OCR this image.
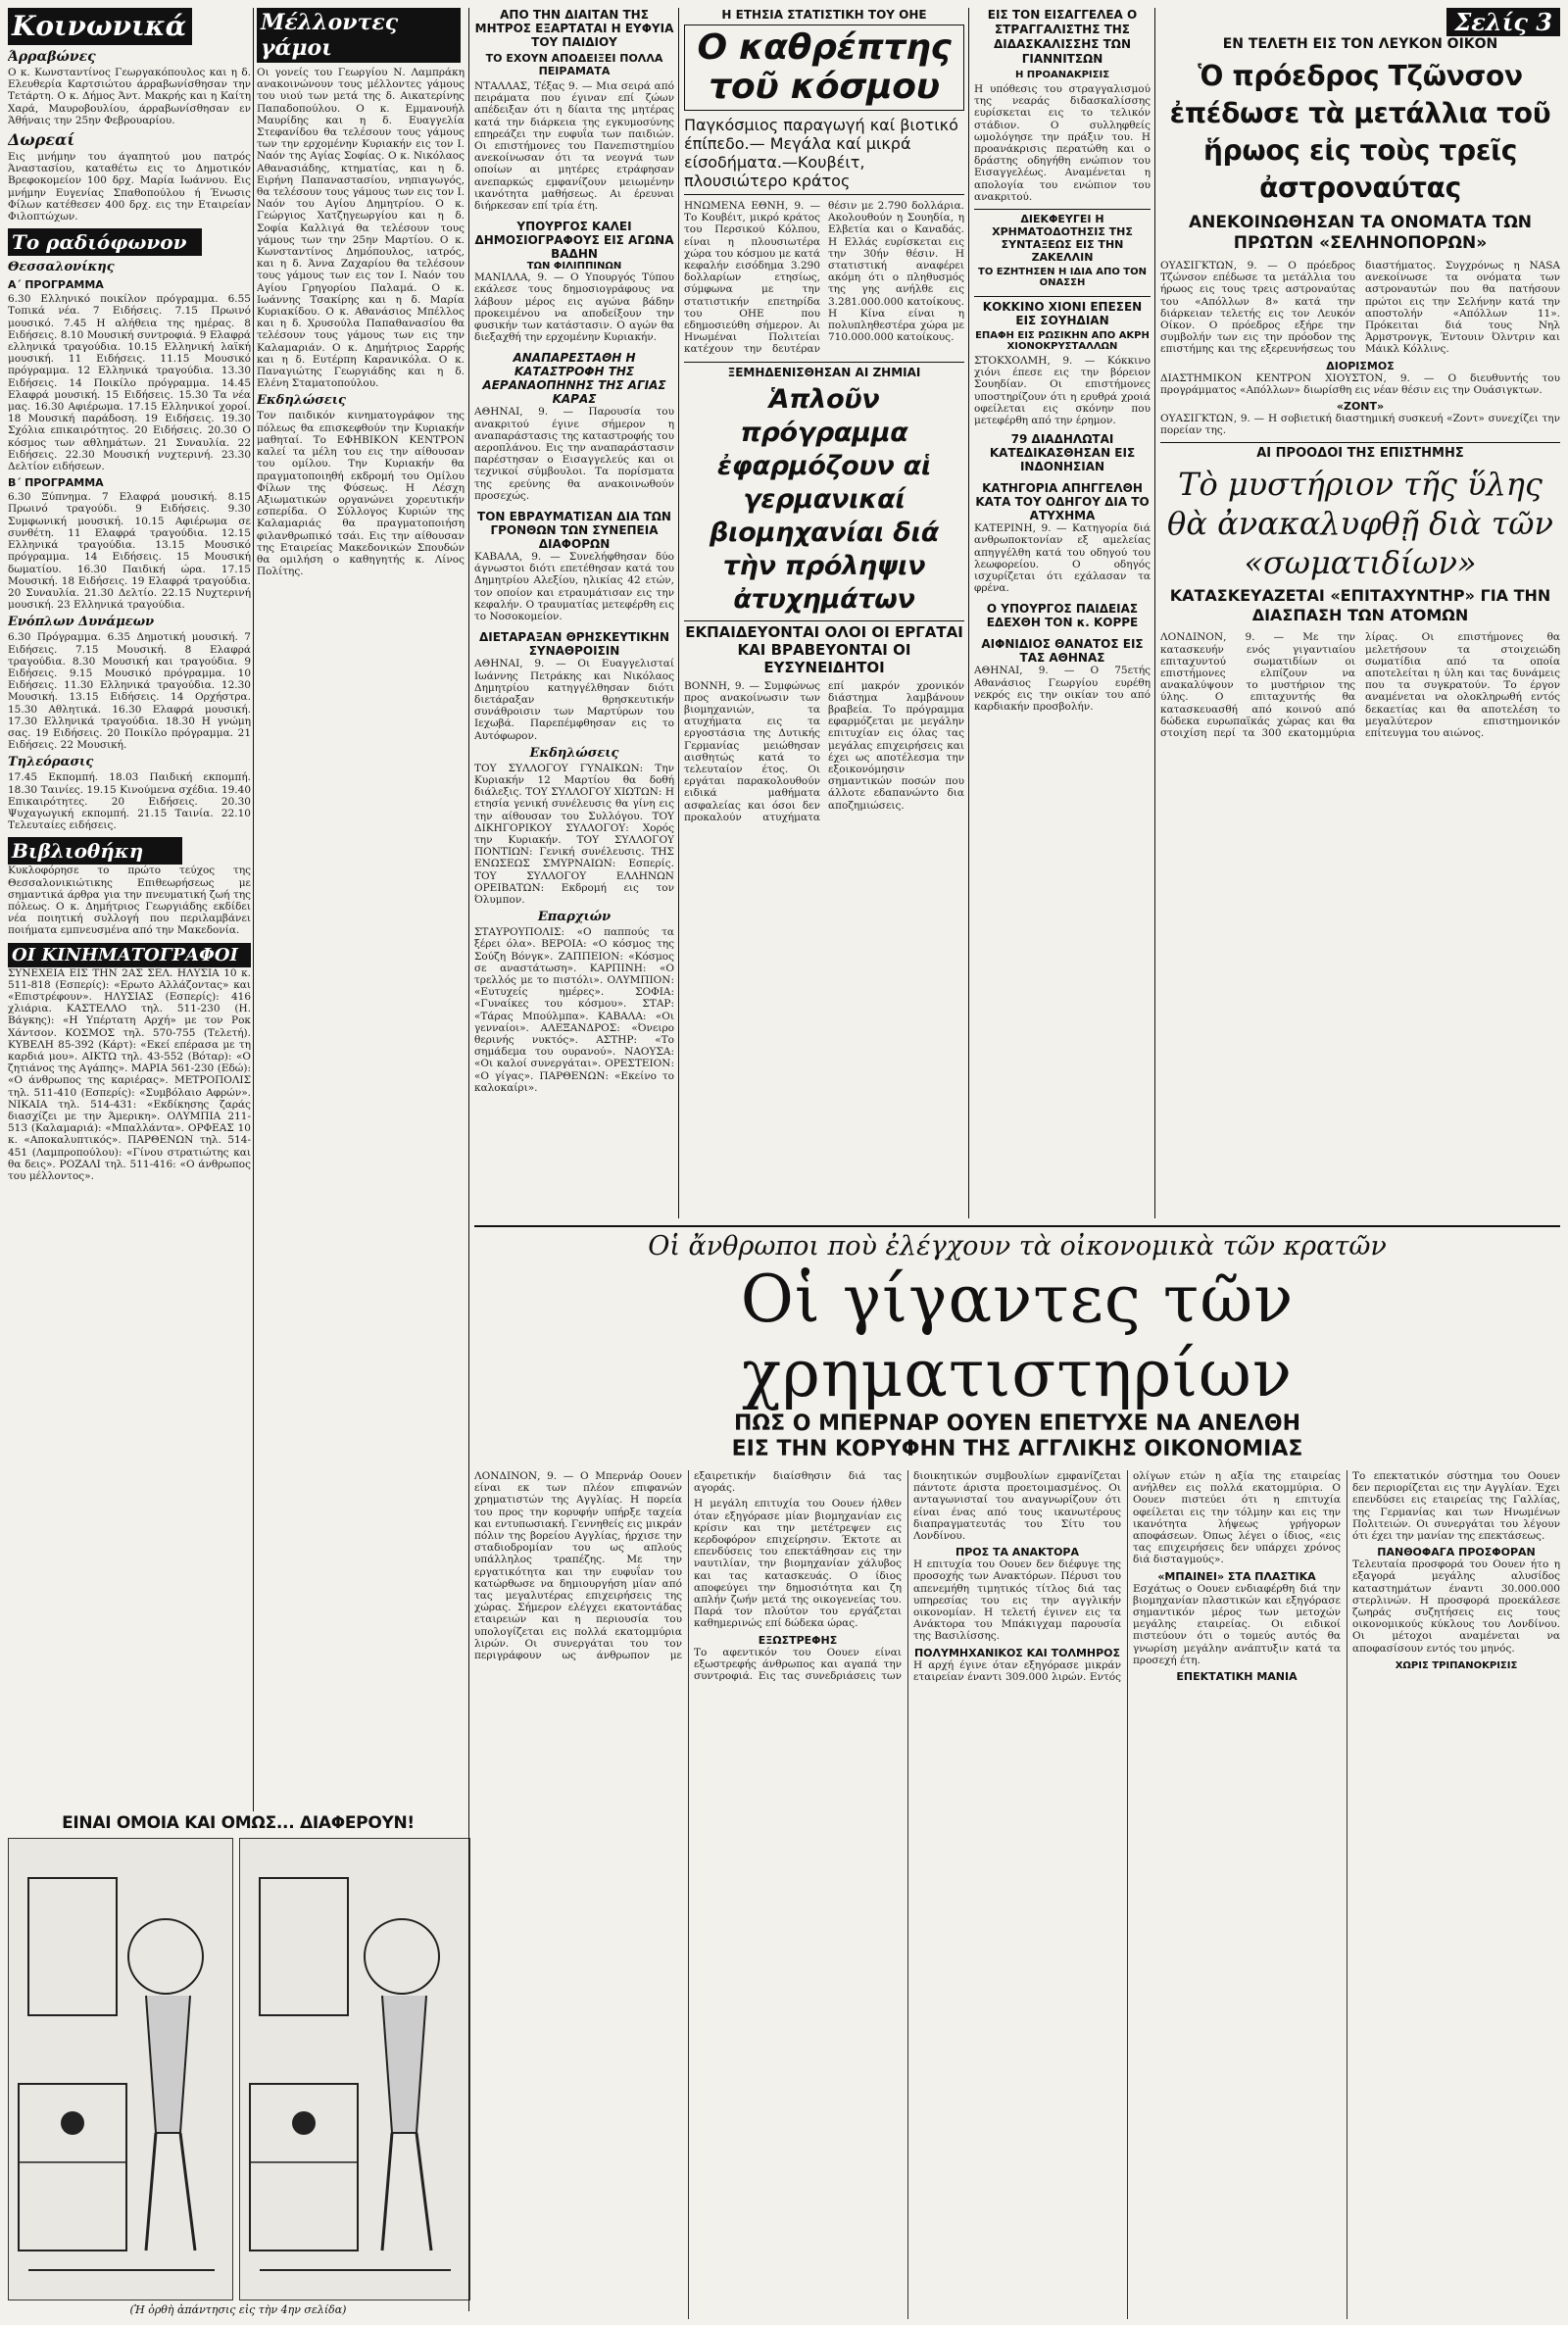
Κοινωνικά
Άρραβώνες
Ο κ. Κωνσταντίνος Γεωργακόπουλος και η δ. Ελευθερία Καρτσιώτου άρραβωνίσθησαν την Τετάρτη. Ο κ. Δήμος Άντ. Μακρής και η Καίτη Χαρά, Μαυροβουλίου, άρραβωνίσθησαν εν Άθήναις την 25ην Φεβρουαρίου.
Δωρεαί
Εις μνήμην του άγαπητού μου πατρός Άναστασίου, καταθέτω εις το Δημοτικόν Βρεφοκομείον 100 δρχ. Μαρία Ιωάννου. Εις μνήμην Ευγενίας Σπαθοπούλου ή Ένωσις Φίλων κατέθεσεν 400 δρχ. εις την Εταιρείαν Φιλοπτώχων.
Το ραδιόφωνον
Θεσσαλονίκης
Α΄ ΠΡΟΓΡΑΜΜΑ
6.30 Ελληνικό ποικίλον πρόγραμμα. 6.55 Τοπικά νέα. 7 Ειδήσεις. 7.15 Πρωινό μουσικό. 7.45 Η αλήθεια της ημέρας. 8 Ειδήσεις. 8.10 Μουσική συντροφιά. 9 Ελαφρά ελληνικά τραγούδια. 10.15 Ελληνική λαϊκή μουσική. 11 Ειδήσεις. 11.15 Μουσικό πρόγραμμα. 12 Ελληνικά τραγούδια. 13.30 Ειδήσεις. 14 Ποικίλο πρόγραμμα. 14.45 Ελαφρά μουσική. 15 Ειδήσεις. 15.30 Τα νέα μας. 16.30 Αφιέρωμα. 17.15 Ελληνικοί χοροί. 18 Μουσική παράδοση. 19 Ειδήσεις. 19.30 Σχόλια επικαιρότητος. 20 Ειδήσεις. 20.30 Ο κόσμος των αθλημάτων. 21 Συναυλία. 22 Ειδήσεις. 22.30 Μουσική νυχτερινή. 23.30 Δελτίον ειδήσεων.
Β΄ ΠΡΟΓΡΑΜΜΑ
6.30 Ξύπνημα. 7 Ελαφρά μουσική. 8.15 Πρωινό τραγούδι. 9 Ειδήσεις. 9.30 Συμφωνική μουσική. 10.15 Αφιέρωμα σε συνθέτη. 11 Ελαφρά τραγούδια. 12.15 Ελληνικά τραγούδια. 13.15 Μουσικό πρόγραμμα. 14 Ειδήσεις. 15 Μουσική δωματίου. 16.30 Παιδική ώρα. 17.15 Μουσική. 18 Ειδήσεις. 19 Ελαφρά τραγούδια. 20 Συναυλία. 21.30 Δελτίο. 22.15 Νυχτερινή μουσική. 23 Ελληνικά τραγούδια.
Ενόπλων Δυνάμεων
6.30 Πρόγραμμα. 6.35 Δημοτική μουσική. 7 Ειδήσεις. 7.15 Μουσική. 8 Ελαφρά τραγούδια. 8.30 Μουσική και τραγούδια. 9 Ειδήσεις. 9.15 Μουσικό πρόγραμμα. 10 Ειδήσεις. 11.30 Ελληνικά τραγούδια. 12.30 Μουσική. 13.15 Ειδήσεις. 14 Ορχήστρα. 15.30 Αθλητικά. 16.30 Ελαφρά μουσική. 17.30 Ελληνικά τραγούδια. 18.30 Η γνώμη σας. 19 Ειδήσεις. 20 Ποικίλο πρόγραμμα. 21 Ειδήσεις. 22 Μουσική.
Τηλεόρασις
17.45 Εκπομπή. 18.03 Παιδική εκπομπή. 18.30 Ταινίες. 19.15 Κινούμενα σχέδια. 19.40 Επικαιρότητες. 20 Ειδήσεις. 20.30 Ψυχαγωγική εκπομπή. 21.15 Ταινία. 22.10 Τελευταίες ειδήσεις.
Βιβλιοθήκη
Κυκλοφόρησε το πρώτο τεύχος της Θεσσαλονικιώτικης Επιθεωρήσεως με σημαντικά άρθρα για την πνευματική ζωή της πόλεως. Ο κ. Δημήτριος Γεωργιάδης εκδίδει νέα ποιητική συλλογή που περιλαμβάνει ποιήματα εμπνευσμένα από την Μακεδονία.
ΟΙ ΚΙΝΗΜΑΤΟΓΡΑΦΟΙ
ΣΥΝΕΧΕΙΑ ΕΙΣ ΤΗΝ 2ΑΣ ΣΕΛ. ΗΛΥΣΙΑ 10 κ. 511-818 (Εσπερίς): «Ερωτο Αλλάζοντας» και «Επιστρέφουν». ΗΛΥΣΙΑΣ (Εσπερίς): 416 χλιάρια. ΚΑΣΤΕΛΛΟ τηλ. 511-230 (Η. Βάγκης): «Η Υπέρτατη Αρχή» με τον Ροκ Χάντσον. ΚΟΣΜΟΣ τηλ. 570-755 (Τελετή). ΚΥΒΕΛΗ 85-392 (Κάρτ): «Εκεί επέρασα με τη καρδιά μου». ΑΙΚΤΩ τηλ. 43-552 (Βόταρ): «Ο ζητιάνος της Αγάπης». ΜΑΡΙΑ 561-230 (Εδώ): «Ο άνθρωπος της καριέρας». ΜΕΤΡΟΠΟΛΙΣ τηλ. 511-410 (Εσπερίς): «Συμβόλαιο Αφρών». ΝΙΚΑΙΑ τηλ. 514-431: «Εκδίκησης ζαράς διασχίζει με την Άμερικη». ΟΛΥΜΠΙΑ 211-513 (Καλαμαριά): «Μπαλλάντα». ΟΡΦΕΑΣ 10 κ. «Αποκαλυπτικός». ΠΑΡΘΕΝΩΝ τηλ. 514-451 (Λαμπροπούλου): «Γίνου στρατιώτης και θα δεις». ΡΟΖΑΛΙ τηλ. 511-416: «Ο άνθρωπος του μέλλοντος».
ΕΙΝΑΙ ΟΜΟΙΑ ΚΑΙ ΟΜΩΣ... ΔΙΑΦΕΡΟΥΝ!
(Ἡ ὀρθὴ ἀπάντησις εἰς τὴν 4ην σελίδα)
Μέλλοντες γάμοι
Οι γονείς του Γεωργίου Ν. Λαμπράκη ανακοινώνουν τους μέλλοντες γάμους του υιού των μετά της δ. Αικατερίνης Παπαδοπούλου. Ο κ. Εμμανουήλ Μαυρίδης και η δ. Ευαγγελία Στεφανίδου θα τελέσουν τους γάμους των την ερχομένην Κυριακήν εις τον Ι. Ναόν της Αγίας Σοφίας. Ο κ. Νικόλαος Αθανασιάδης, κτηματίας, και η δ. Ειρήνη Παπαναστασίου, νηπιαγωγός, θα τελέσουν τους γάμους των εις τον Ι. Ναόν του Αγίου Δημητρίου. Ο κ. Γεώργιος Χατζηγεωργίου και η δ. Σοφία Καλλιγά θα τελέσουν τους γάμους των την 25ην Μαρτίου. Ο κ. Κωνσταντίνος Δημόπουλος, ιατρός, και η δ. Άννα Ζαχαρίου θα τελέσουν τους γάμους των εις τον Ι. Ναόν του Αγίου Γρηγορίου Παλαμά. Ο κ. Ιωάννης Τσακίρης και η δ. Μαρία Κυριακίδου. Ο κ. Αθανάσιος Μπέλλος και η δ. Χρυσούλα Παπαθανασίου θα τελέσουν τους γάμους των εις την Καλαμαριάν. Ο κ. Δημήτριος Σαρρής και η δ. Ευτέρπη Καρανικόλα. Ο κ. Παναγιώτης Γεωργιάδης και η δ. Ελένη Σταματοπούλου.
Εκδηλώσεις
Τον παιδικόν κινηματογράφον της πόλεως θα επισκεφθούν την Κυριακήν μαθηταί. Το ΕΦΗΒΙΚΟΝ ΚΕΝΤΡΟΝ καλεί τα μέλη του εις την αίθουσαν του ομίλου. Την Κυριακήν θα πραγματοποιηθή εκδρομή του Ομίλου Φίλων της Φύσεως. Η Λέσχη Αξιωματικών οργανώνει χορευτικήν εσπερίδα. Ο Σύλλογος Κυριών της Καλαμαριάς θα πραγματοποιήση φιλανθρωπικό τσάι. Εις την αίθουσαν της Εταιρείας Μακεδονικών Σπουδών θα ομιλήση ο καθηγητής κ. Λίνος Πολίτης.
ΑΠΟ ΤΗΝ ΔΙΑΙΤΑΝ ΤΗΣ ΜΗΤΡΟΣ ΕΞΑΡΤΑΤΑΙ Η ΕΥΦΥΙΑ ΤΟΥ ΠΑΙΔΙΟΥ
ΤΟ ΕΧΟΥΝ ΑΠΟΔΕΙΞΕΙ ΠΟΛΛΑ ΠΕΙΡΑΜΑΤΑ
ΝΤΑΛΛΑΣ, Τέξας 9. — Μια σειρά από πειράματα που έγιναν επί ζώων απέδειξαν ότι η δίαιτα της μητέρας κατά την διάρκεια της εγκυμοσύνης επηρεάζει την ευφυΐα των παιδιών. Οι επιστήμονες του Πανεπιστημίου ανεκοίνωσαν ότι τα νεογνά των οποίων αι μητέρες ετράφησαν ανεπαρκώς εμφανίζουν μειωμένην ικανότητα μαθήσεως. Αι έρευναι διήρκεσαν επί τρία έτη.
ΥΠΟΥΡΓΟΣ ΚΑΛΕΙ ΔΗΜΟΣΙΟΓΡΑΦΟΥΣ ΕΙΣ ΑΓΩΝΑ ΒΑΔΗΝ
ΤΩΝ ΦΙΛΙΠΠΙΝΩΝ
ΜΑΝΙΛΛΑ, 9. — Ο Υπουργός Τύπου εκάλεσε τους δημοσιογράφους να λάβουν μέρος εις αγώνα βάδην προκειμένου να αποδείξουν την φυσικήν των κατάστασιν. Ο αγών θα διεξαχθή την ερχομένην Κυριακήν.
ΑΝΑΠΑΡΕΣΤΑΘΗ Η ΚΑΤΑΣΤΡΟΦΗ ΤΗΣ ΑΕΡΑΝΑΟΠΗΝΗΣ ΤΗΣ ΑΓΙΑΣ ΚΑΡΑΣ
ΑΘΗΝΑΙ, 9. — Παρουσία του ανακριτού έγινε σήμερον η αναπαράστασις της καταστροφής του αεροπλάνου. Εις την αναπαράστασιν παρέστησαν ο Εισαγγελεύς και οι τεχνικοί σύμβουλοι. Τα πορίσματα της ερεύνης θα ανακοινωθούν προσεχώς.
ΤΟΝ ΕΒΡΑΥΜΑΤΙΣΑΝ ΔΙΑ ΤΩΝ ΓΡΟΝΘΩΝ ΤΩΝ ΣΥΝΕΠΕΙΑ ΔΙΑΦΟΡΩΝ
ΚΑΒΑΛΑ, 9. — Συνελήφθησαν δύο άγνωστοι διότι επετέθησαν κατά του Δημητρίου Αλεξίου, ηλικίας 42 ετών, τον οποίον και ετραυμάτισαν εις την κεφαλήν. Ο τραυματίας μετεφέρθη εις το Νοσοκομείον.
ΔΙΕΤΑΡΑΞΑΝ ΘΡΗΣΚΕΥΤΙΚΗΝ ΣΥΝΑΘΡΟΙΣΙΝ
ΑΘΗΝΑΙ, 9. — Οι Ευαγγελισταί Ιωάννης Πετράκης και Νικόλαος Δημητρίου κατηγγέλθησαν διότι διετάραξαν θρησκευτικήν συνάθροισιν των Μαρτύρων του Ιεχωβά. Παρεπέμφθησαν εις το Αυτόφωρον.
Εκδηλώσεις
ΤΟΥ ΣΥΛΛΟΓΟΥ ΓΥΝΑΙΚΩΝ: Την Κυριακήν 12 Μαρτίου θα δοθή διάλεξις. ΤΟΥ ΣΥΛΛΟΓΟΥ ΧΙΩΤΩΝ: Η ετησία γενική συνέλευσις θα γίνη εις την αίθουσαν του Συλλόγου. ΤΟΥ ΔΙΚΗΓΟΡΙΚΟΥ ΣΥΛΛΟΓΟΥ: Χορός την Κυριακήν. ΤΟΥ ΣΥΛΛΟΓΟΥ ΠΟΝΤΙΩΝ: Γενική συνέλευσις. ΤΗΣ ΕΝΩΣΕΩΣ ΣΜΥΡΝΑΙΩΝ: Εσπερίς. ΤΟΥ ΣΥΛΛΟΓΟΥ ΕΛΛΗΝΩΝ ΟΡΕΙΒΑΤΩΝ: Εκδρομή εις τον Όλυμπον.
Επαρχιών
ΣΤΑΥΡΟΥΠΟΛΙΣ: «Ο παππούς τα ξέρει όλα». ΒΕΡΟΙΑ: «Ο κόσμος της Σούζη Βόνγκ». ΖΑΠΠΕΙΟΝ: «Κόσμος σε αναστάτωση». ΚΑΡΠΙΝΗ: «Ο τρελλός με το πιστόλι». ΟΛΥΜΠΙΟΝ: «Ευτυχείς ημέρες». ΣΟΦΙΑ: «Γυναίκες του κόσμου». ΣΤΑΡ: «Τάρας Μπούλμπα». ΚΑΒΑΛΑ: «Οι γενναίοι». ΑΛΕΞΑΝΔΡΟΣ: «Όνειρο θερινής νυκτός». ΑΣΤΗΡ: «Το σημάδεμα του ουρανού». ΝΑΟΥΣΑ: «Οι καλοί συνεργάται». ΟΡΕΣΤΕΙΟΝ: «Ο γίγας». ΠΑΡΘΕΝΩΝ: «Εκείνο το καλοκαίρι».
Η ΕΤΗΣΙΑ ΣΤΑΤΙΣΤΙΚΗ ΤΟΥ ΟΗΕ
Ο καθρέπτης τοῦ κόσμου
Παγκόσμιος παραγωγή καί βιοτικό έπίπεδο.— Μεγάλα καί μικρά είσοδήματα.—Κουβέιτ, πλουσιώτερο κράτος
ΗΝΩΜΕΝΑ ΕΘΝΗ, 9. — Το Κουβέιτ, μικρό κράτος του Περσικού Κόλπου, είναι η πλουσιωτέρα χώρα του κόσμου με κατά κεφαλήν εισόδημα 3.290 δολλαρίων ετησίως, σύμφωνα με την στατιστικήν επετηρίδα του ΟΗΕ που εδημοσιεύθη σήμερον. Αι Ηνωμέναι Πολιτείαι κατέχουν την δευτέραν θέσιν με 2.790 δολλάρια. Ακολουθούν η Σουηδία, η Ελβετία και ο Καναδάς. Η Ελλάς ευρίσκεται εις την 30ήν θέσιν. Η στατιστική αναφέρει ακόμη ότι ο πληθυσμός της γης ανήλθε εις 3.281.000.000 κατοίκους. Η Κίνα είναι η πολυπληθεστέρα χώρα με 710.000.000 κατοίκους.
ΞΕΜΗΔΕΝΙΣΘΗΣΑΝ ΑΙ ΖΗΜΙΑΙ
Ἁπλοῦν πρόγραμμα ἐφαρμόζουν αἱ γερμανικαί βιομηχανίαι διά τὴν πρόληψιν ἀτυχημάτων
ΕΚΠΑΙΔΕΥΟΝΤΑΙ ΟΛΟΙ ΟΙ ΕΡΓΑΤΑΙ
ΚΑΙ ΒΡΑΒΕΥΟΝΤΑΙ ΟΙ ΕΥΣΥΝΕΙΔΗΤΟΙ
ΒΟΝΝΗ, 9. — Συμφώνως προς ανακοίνωσιν των βιομηχανιών, τα ατυχήματα εις τα εργοστάσια της Δυτικής Γερμανίας μειώθησαν αισθητώς κατά το τελευταίον έτος. Οι εργάται παρακολουθούν ειδικά μαθήματα ασφαλείας και όσοι δεν προκαλούν ατυχήματα επί μακρόν χρονικόν διάστημα λαμβάνουν βραβεία. Το πρόγραμμα εφαρμόζεται με μεγάλην επιτυχίαν εις όλας τας μεγάλας επιχειρήσεις και έχει ως αποτέλεσμα την εξοικονόμησιν σημαντικών ποσών που άλλοτε εδαπανώντο δια αποζημιώσεις.
ΕΙΣ ΤΟΝ ΕΙΣΑΓΓΕΛΕΑ Ο ΣΤΡΑΓΓΑΛΙΣΤΗΣ ΤΗΣ ΔΙΔΑΣΚΑΛΙΣΣΗΣ ΤΩΝ ΓΙΑΝΝΙΤΣΩΝ
Η ΠΡΟΑΝΑΚΡΙΣΙΣ
Η υπόθεσις του στραγγαλισμού της νεαράς διδασκαλίσσης ευρίσκεται εις το τελικόν στάδιον. Ο συλληφθείς ωμολόγησε την πράξιν του. Η προανάκρισις περατώθη και ο δράστης οδηγήθη ενώπιον του Εισαγγελέως. Αναμένεται η απολογία του ενώπιον του ανακριτού.
ΔΙΕΚΦΕΥΓΕΙ Η ΧΡΗΜΑΤΟΔΟΤΗΣΙΣ ΤΗΣ ΣΥΝΤΑΞΕΩΣ ΕΙΣ ΤΗΝ ΖΑΚΕΛΛΙΝ
ΤΟ ΕΖΗΤΗΣΕΝ Η ΙΔΙΑ ΑΠΟ ΤΟΝ ΟΝΑΣΣΗ
ΚΟΚΚΙΝΟ ΧΙΟΝΙ ΕΠΕΣΕΝ ΕΙΣ ΣΟΥΗΔΙΑΝ
ΕΠΑΦΗ ΕΙΣ ΡΩΣΙΚΗΝ ΑΠΟ ΑΚΡΗ ΧΙΟΝΟΚΡΥΣΤΑΛΛΩΝ
ΣΤΟΚΧΟΛΜΗ, 9. — Κόκκινο χιόνι έπεσε εις την βόρειον Σουηδίαν. Οι επιστήμονες υποστηρίζουν ότι η ερυθρά χροιά οφείλεται εις σκόνην που μετεφέρθη από την έρημον.
79 ΔΙΑΔΗΛΩΤΑΙ ΚΑΤΕΔΙΚΑΣΘΗΣΑΝ ΕΙΣ ΙΝΔΟΝΗΣΙΑΝ
ΚΑΤΗΓΟΡΙΑ ΑΠΗΓΓΕΛΘΗ ΚΑΤΑ ΤΟΥ ΟΔΗΓΟΥ ΔΙΑ ΤΟ ΑΤΥΧΗΜΑ
ΚΑΤΕΡΙΝΗ, 9. — Κατηγορία διά ανθρωποκτονίαν εξ αμελείας απηγγέλθη κατά του οδηγού του λεωφορείου. Ο οδηγός ισχυρίζεται ότι εχάλασαν τα φρένα.
Ο ΥΠΟΥΡΓΟΣ ΠΑΙΔΕΙΑΣ ΕΔΕΧΘΗ ΤΟΝ κ. ΚΟΡΡΕ
ΑΙΦΝΙΔΙΟΣ ΘΑΝΑΤΟΣ ΕΙΣ ΤΑΣ ΑΘΗΝΑΣ
ΑΘΗΝΑΙ, 9. — Ο 75ετής Αθανάσιος Γεωργίου ευρέθη νεκρός εις την οικίαν του από καρδιακήν προσβολήν.
Σελίς 3
ΕΝ ΤΕΛΕΤΗ ΕΙΣ ΤΟΝ ΛΕΥΚΟΝ ΟΙΚΟΝ
Ὁ πρόεδρος Τζῶνσον ἐπέδωσε τὰ μετάλλια τοῦ ἥρωος εἰς τοὺς τρεῖς ἀστροναύτας
ΑΝΕΚΟΙΝΩΘΗΣΑΝ ΤΑ ΟΝΟΜΑΤΑ ΤΩΝ ΠΡΩΤΩΝ «ΣΕΛΗΝΟΠΟΡΩΝ»
ΟΥΑΣΙΓΚΤΩΝ, 9. — Ο πρόεδρος Τζώνσον επέδωσε τα μετάλλια του ήρωος εις τους τρεις αστροναύτας του «Απόλλων 8» κατά την διάρκειαν τελετής εις τον Λευκόν Οίκον. Ο πρόεδρος εξήρε την συμβολήν των εις την πρόοδον της επιστήμης και της εξερευνήσεως του διαστήματος. Συγχρόνως η NASA ανεκοίνωσε τα ονόματα των αστροναυτών που θα πατήσουν πρώτοι εις την Σελήνην κατά την αποστολήν «Απόλλων 11». Πρόκειται διά τους Νηλ Άρμστρονγκ, Έντουιν Όλντριν και Μάικλ Κόλλινς.
ΔΙΟΡΙΣΜΟΣ
ΔΙΑΣΤΗΜΙΚΟΝ ΚΕΝΤΡΟΝ ΧΙΟΥΣΤΟΝ, 9. — Ο διευθυντής του προγράμματος «Απόλλων» διωρίσθη εις νέαν θέσιν εις την Ουάσιγκτων.
«ΖΟΝΤ»
ΟΥΑΣΙΓΚΤΩΝ, 9. — Η σοβιετική διαστημική συσκευή «Ζοντ» συνεχίζει την πορείαν της.
ΑΙ ΠΡΟΟΔΟΙ ΤΗΣ ΕΠΙΣΤΗΜΗΣ
Τὸ μυστήριον τῆς ὕλης θὰ ἀνακαλυφθῇ διὰ τῶν «σωματιδίων»
ΚΑΤΑΣΚΕΥΑΖΕΤΑΙ «ΕΠΙΤΑΧΥΝΤΗΡ» ΓΙΑ ΤΗΝ ΔΙΑΣΠΑΣΗ ΤΩΝ ΑΤΟΜΩΝ
ΛΟΝΔΙΝΟΝ, 9. — Με την κατασκευήν ενός γιγαντιαίου επιταχυντού σωματιδίων οι επιστήμονες ελπίζουν να ανακαλύψουν το μυστήριον της ύλης. Ο επιταχυντής θα κατασκευασθή από κοινού από δώδεκα ευρωπαϊκάς χώρας και θα στοιχίση περί τα 300 εκατομμύρια λίρας. Οι επιστήμονες θα μελετήσουν τα στοιχειώδη σωματίδια από τα οποία αποτελείται η ύλη και τας δυνάμεις που τα συγκρατούν. Το έργον αναμένεται να ολοκληρωθή εντός δεκαετίας και θα αποτελέση το μεγαλύτερον επιστημονικόν επίτευγμα του αιώνος.
Οἱ ἄνθρωποι ποὺ ἐλέγχουν τὰ οἰκονομικὰ τῶν κρατῶν
Οἱ γίγαντες τῶν χρηματιστηρίων
ΠΩΣ Ο ΜΠΕΡΝΑΡ ΟΟΥΕΝ ΕΠΕΤΥΧΕ ΝΑ ΑΝΕΛΘΗ
ΕΙΣ ΤΗΝ ΚΟΡΥΦΗΝ ΤΗΣ ΑΓΓΛΙΚΗΣ ΟΙΚΟΝΟΜΙΑΣ
ΛΟΝΔΙΝΟΝ, 9. — Ο Μπερνάρ Οουεν είναι εκ των πλέον επιφανών χρηματιστών της Αγγλίας. Η πορεία του προς την κορυφήν υπήρξε ταχεία και εντυπωσιακή. Γεννηθείς εις μικράν πόλιν της βορείου Αγγλίας, ήρχισε την σταδιοδρομίαν του ως απλούς υπάλληλος τραπέζης. Με την εργατικότητα και την ευφυΐαν του κατώρθωσε να δημιουργήση μίαν από τας μεγαλυτέρας επιχειρήσεις της χώρας. Σήμερον ελέγχει εκατοντάδας εταιρειών και η περιουσία του υπολογίζεται εις πολλά εκατομμύρια λιρών. Οι συνεργάται του τον περιγράφουν ως άνθρωπον με εξαιρετικήν διαίσθησιν διά τας αγοράς.
Η μεγάλη επιτυχία του Οουεν ήλθεν όταν εξηγόρασε μίαν βιομηχανίαν εις κρίσιν και την μετέτρεψεν εις κερδοφόρον επιχείρησιν. Έκτοτε αι επενδύσεις του επεκτάθησαν εις την ναυτιλίαν, την βιομηχανίαν χάλυβος και τας κατασκευάς. Ο ίδιος αποφεύγει την δημοσιότητα και ζη απλήν ζωήν μετά της οικογενείας του. Παρά τον πλούτον του εργάζεται καθημερινώς επί δώδεκα ώρας.
ΕΞΩΣΤΡΕΦΗΣ
Το αφεντικόν του Οουεν είναι εξωστρεφής άνθρωπος και αγαπά την συντροφιά. Εις τας συνεδριάσεις των διοικητικών συμβουλίων εμφανίζεται πάντοτε άριστα προετοιμασμένος. Οι ανταγωνισταί του αναγνωρίζουν ότι είναι ένας από τους ικανωτέρους διαπραγματευτάς του Σίτυ του Λονδίνου.
ΠΡΟΣ ΤΑ ΑΝΑΚΤΟΡΑ
Η επιτυχία του Οουεν δεν διέφυγε της προσοχής των Ανακτόρων. Πέρυσι του απενεμήθη τιμητικός τίτλος διά τας υπηρεσίας του εις την αγγλικήν οικονομίαν. Η τελετή έγινεν εις τα Ανάκτορα του Μπάκιγχαμ παρουσία της Βασιλίσσης.
ΠΟΛΥΜΗΧΑΝΙΚΟΣ ΚΑΙ ΤΟΛΜΗΡΟΣ
Η αρχή έγινε όταν εξηγόρασε μικράν εταιρείαν έναντι 309.000 λιρών. Εντός ολίγων ετών η αξία της εταιρείας ανήλθεν εις πολλά εκατομμύρια. Ο Οουεν πιστεύει ότι η επιτυχία οφείλεται εις την τόλμην και εις την ικανότητα λήψεως γρήγορων αποφάσεων. Όπως λέγει ο ίδιος, «εις τας επιχειρήσεις δεν υπάρχει χρόνος διά δισταγμούς».
«ΜΠΑΙΝΕΙ» ΣΤΑ ΠΛΑΣΤΙΚΑ
Εσχάτως ο Οουεν ενδιαφέρθη διά την βιομηχανίαν πλαστικών και εξηγόρασε σημαντικόν μέρος των μετοχών μεγάλης εταιρείας. Οι ειδικοί πιστεύουν ότι ο τομεύς αυτός θα γνωρίση μεγάλην ανάπτυξιν κατά τα προσεχή έτη.
ΕΠΕΚΤΑΤΙΚΗ ΜΑΝΙΑ
Το επεκτατικόν σύστημα του Οουεν δεν περιορίζεται εις την Αγγλίαν. Έχει επενδύσει εις εταιρείας της Γαλλίας, της Γερμανίας και των Ηνωμένων Πολιτειών. Οι συνεργάται του λέγουν ότι έχει την μανίαν της επεκτάσεως.
ΠΑΝΘΟΦΑΓΑ ΠΡΟΣΦΟΡΑΝ
Τελευταία προσφορά του Οουεν ήτο η εξαγορά μεγάλης αλυσίδος καταστημάτων έναντι 30.000.000 στερλινών. Η προσφορά προεκάλεσε ζωηράς συζητήσεις εις τους οικονομικούς κύκλους του Λονδίνου. Οι μέτοχοι αναμένεται να αποφασίσουν εντός του μηνός.
ΧΩΡΙΣ ΤΡΙΠΑΝΟΚΡΙΣΙΣ
